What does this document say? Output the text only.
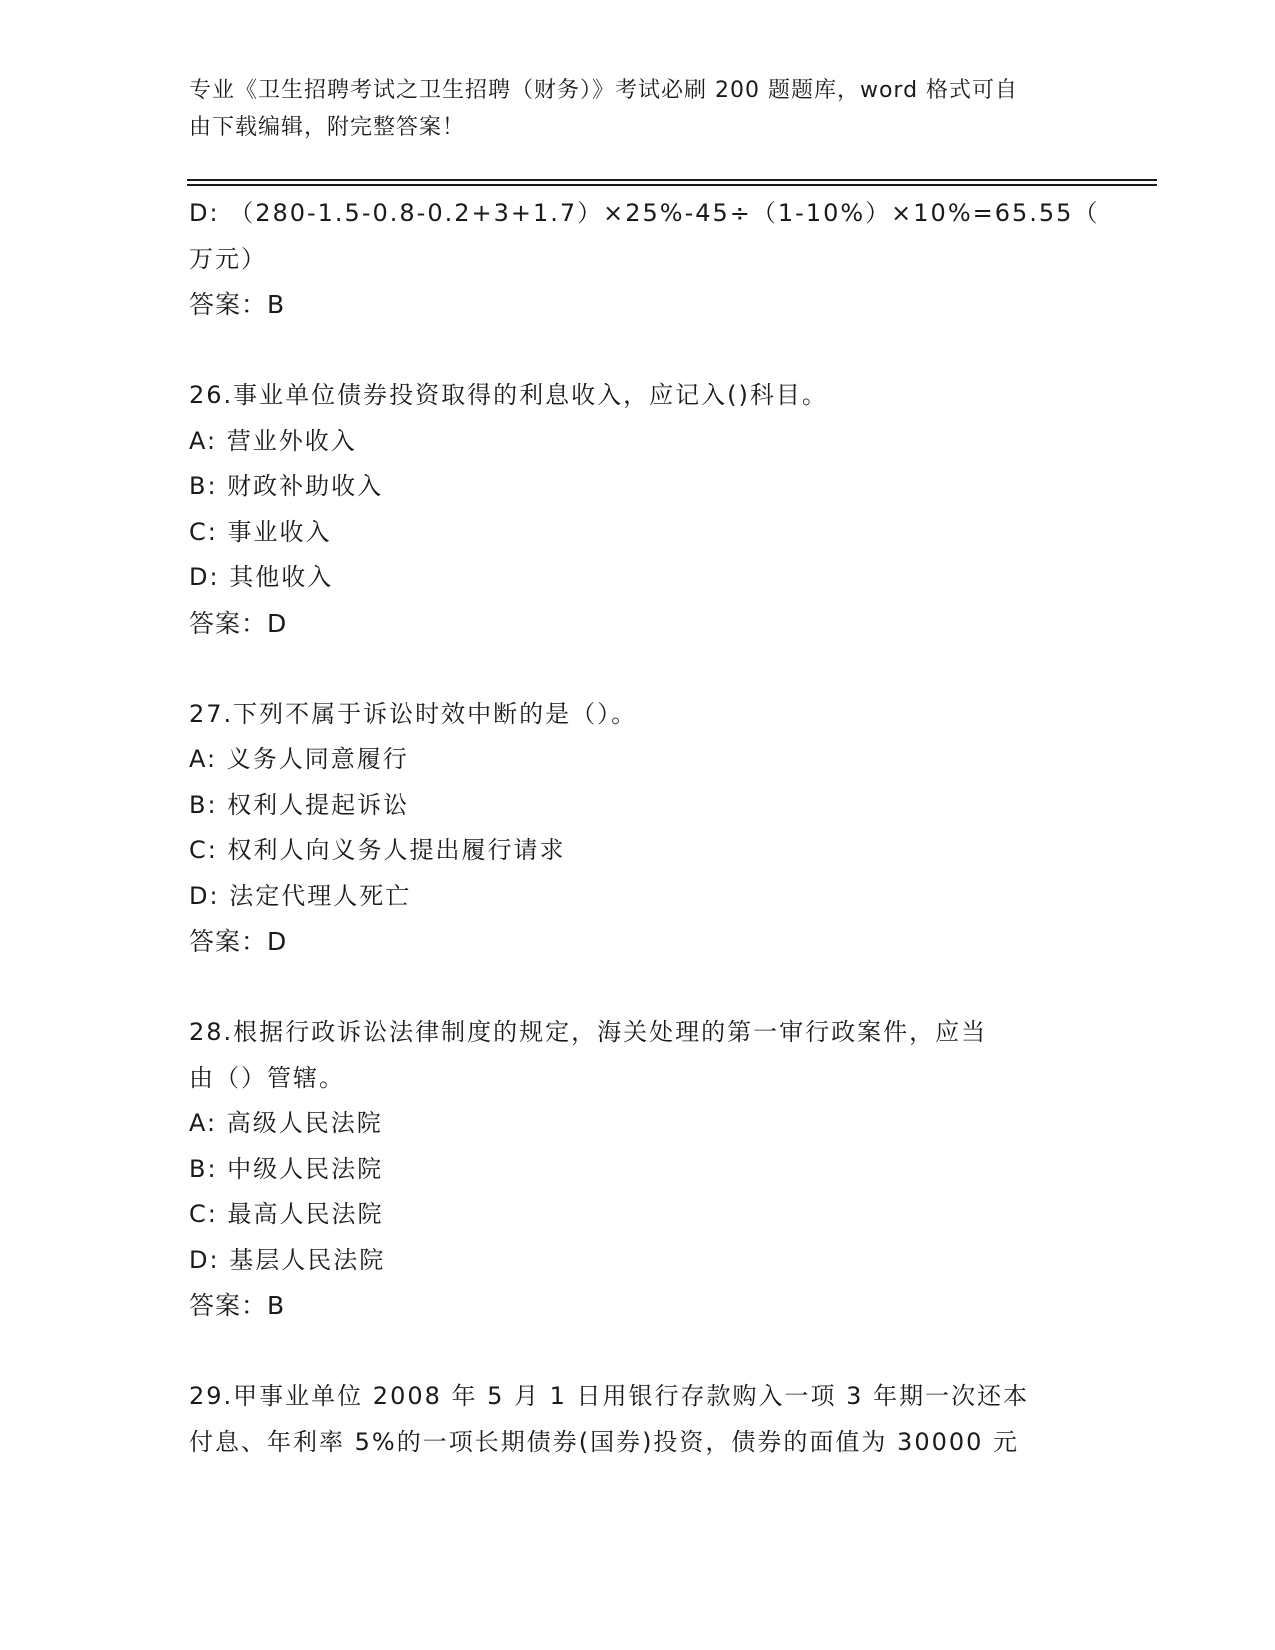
专业《卫生招聘考试之卫生招聘（财务）》考试必刷 200 题题库，word 格式可自
由下载编辑，附完整答案！
D: （280-1.5-0.8-0.2+3+1.7）×25%-45÷（1-10%）×10%=65.55（
万元）
答案：B
26.事业单位债券投资取得的利息收入，应记入()科目。
A: 营业外收入
B: 财政补助收入
C: 事业收入
D: 其他收入
答案：D
27.下列不属于诉讼时效中断的是（）。
A: 义务人同意履行
B: 权利人提起诉讼
C: 权利人向义务人提出履行请求
D: 法定代理人死亡
答案：D
28.根据行政诉讼法律制度的规定，海关处理的第一审行政案件，应当
由（）管辖。
A: 高级人民法院
B: 中级人民法院
C: 最高人民法院
D: 基层人民法院
答案：B
29.甲事业单位 2008 年 5 月 1 日用银行存款购入一项 3 年期一次还本
付息、年利率 5%的一项长期债券(国券)投资，债券的面值为 30000 元
